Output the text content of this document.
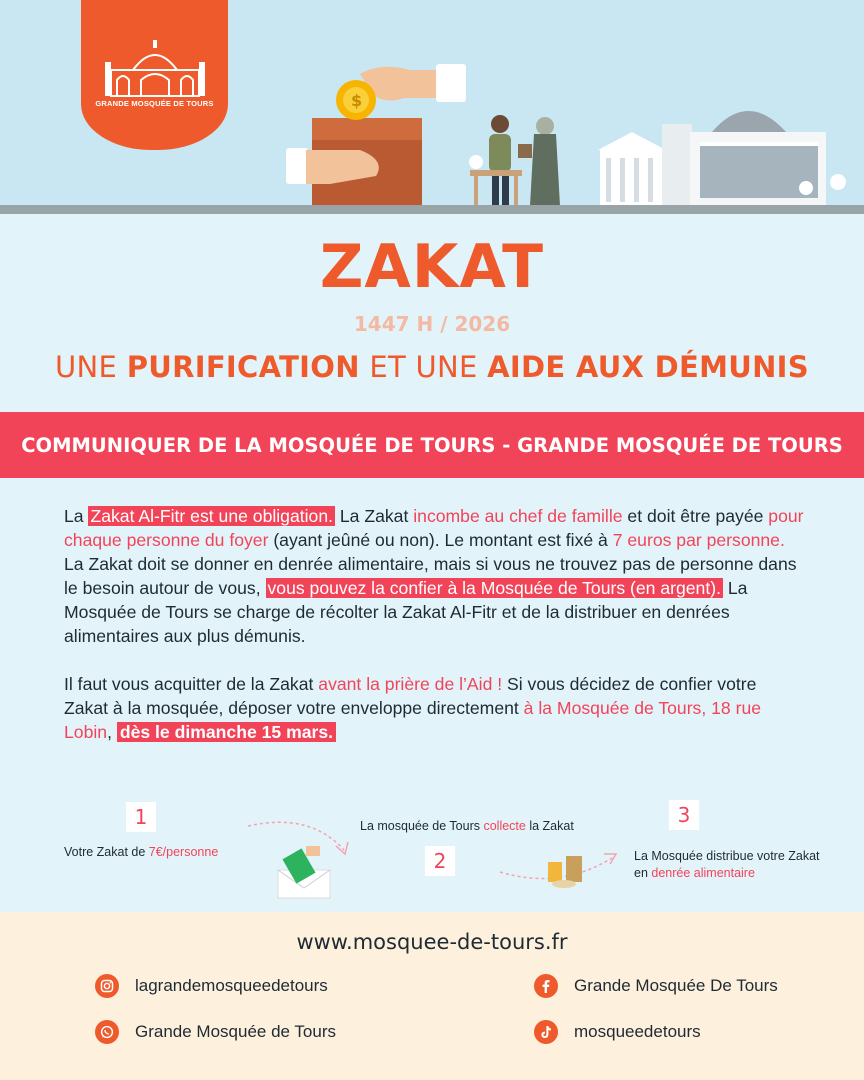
$
GRANDE MOSQUÉE DE TOURS
ZAKAT
1447 H / 2026
UNE PURIFICATION ET UNE AIDE AUX DÉMUNIS
COMMUNIQUER DE LA MOSQUÉE DE TOURS - GRANDE MOSQUÉE DE TOURS

La Zakat Al-Fitr est une obligation. La Zakat incombe au chef de famille et doit être payée pour chaque personne du foyer (ayant jeûné ou non). Le montant est fixé à 7 euros par personne.
La Zakat doit se donner en denrée alimentaire, mais si vous ne trouvez pas de personne dans le besoin autour de vous, vous pouvez la confier à la Mosquée de Tours (en argent). La Mosquée de Tours se charge de récolter la Zakat Al-Fitr et de la distribuer en denrées alimentaires aux plus démunis.

Il faut vous acquitter de la Zakat avant la prière de l’Aid ! Si vous décidez de confier votre Zakat à la mosquée, déposer votre enveloppe directement à la Mosquée de Tours, 18 rue Lobin, dès le dimanche 15 mars.

1
Votre Zakat de 7€/personne
La mosquée de Tours collecte la Zakat
2
3
La Mosquée distribue votre Zakat en denrée alimentaire
www.mosquee-de-tours.fr
lagrandemosqueedetours	Grande Mosquée De Tours
Grande Mosquée de Tours	mosqueedetours
